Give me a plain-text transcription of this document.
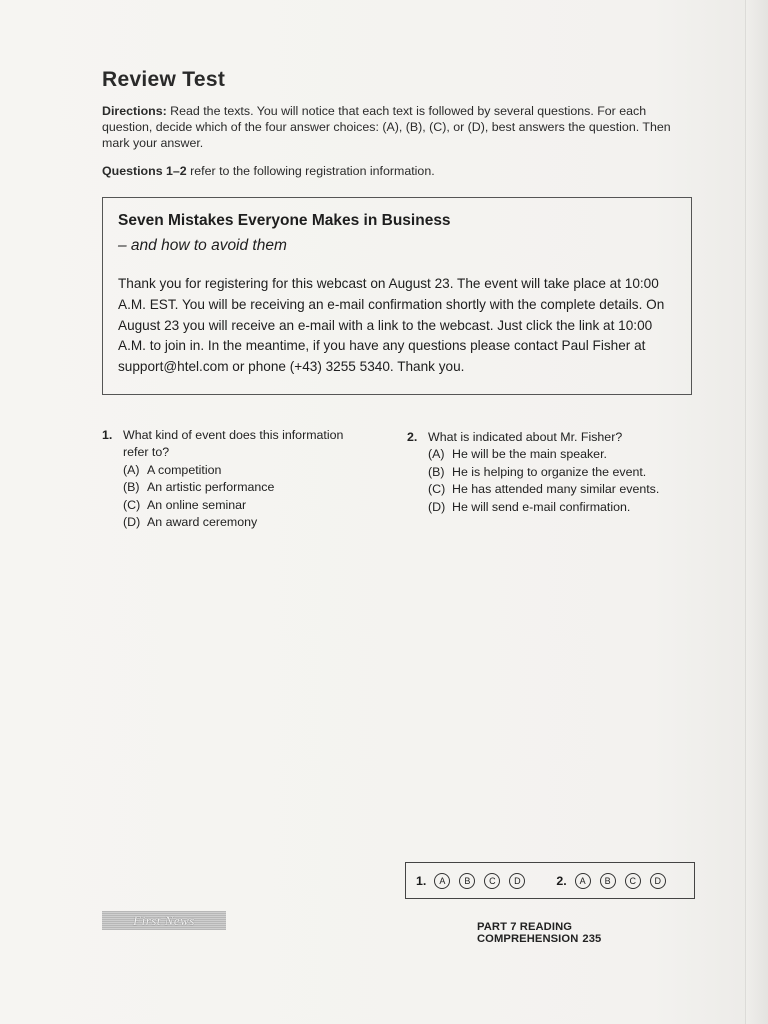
Review Test
Directions: Read the texts. You will notice that each text is followed by several questions. For each question, decide which of the four answer choices: (A), (B), (C), or (D), best answers the question. Then mark your answer.
Questions 1–2 refer to the following registration information.
Seven Mistakes Everyone Makes in Business
– and how to avoid them
Thank you for registering for this webcast on August 23. The event will take place at 10:00 A.M. EST. You will be receiving an e-mail confirmation shortly with the complete details. On August 23 you will receive an e-mail with a link to the webcast. Just click the link at 10:00 A.M. to join in. In the meantime, if you have any questions please contact Paul Fisher at support@htel.com or phone (+43) 3255 5340. Thank you.
1. What kind of event does this information refer to?
(A) A competition
(B) An artistic performance
(C) An online seminar
(D) An award ceremony
2. What is indicated about Mr. Fisher?
(A) He will be the main speaker.
(B) He is helping to organize the event.
(C) He has attended many similar events.
(D) He will send e-mail confirmation.
1.	A	B	C	D	2.	A	B	C	D
First News	PART 7 READING COMPREHENSION 235
